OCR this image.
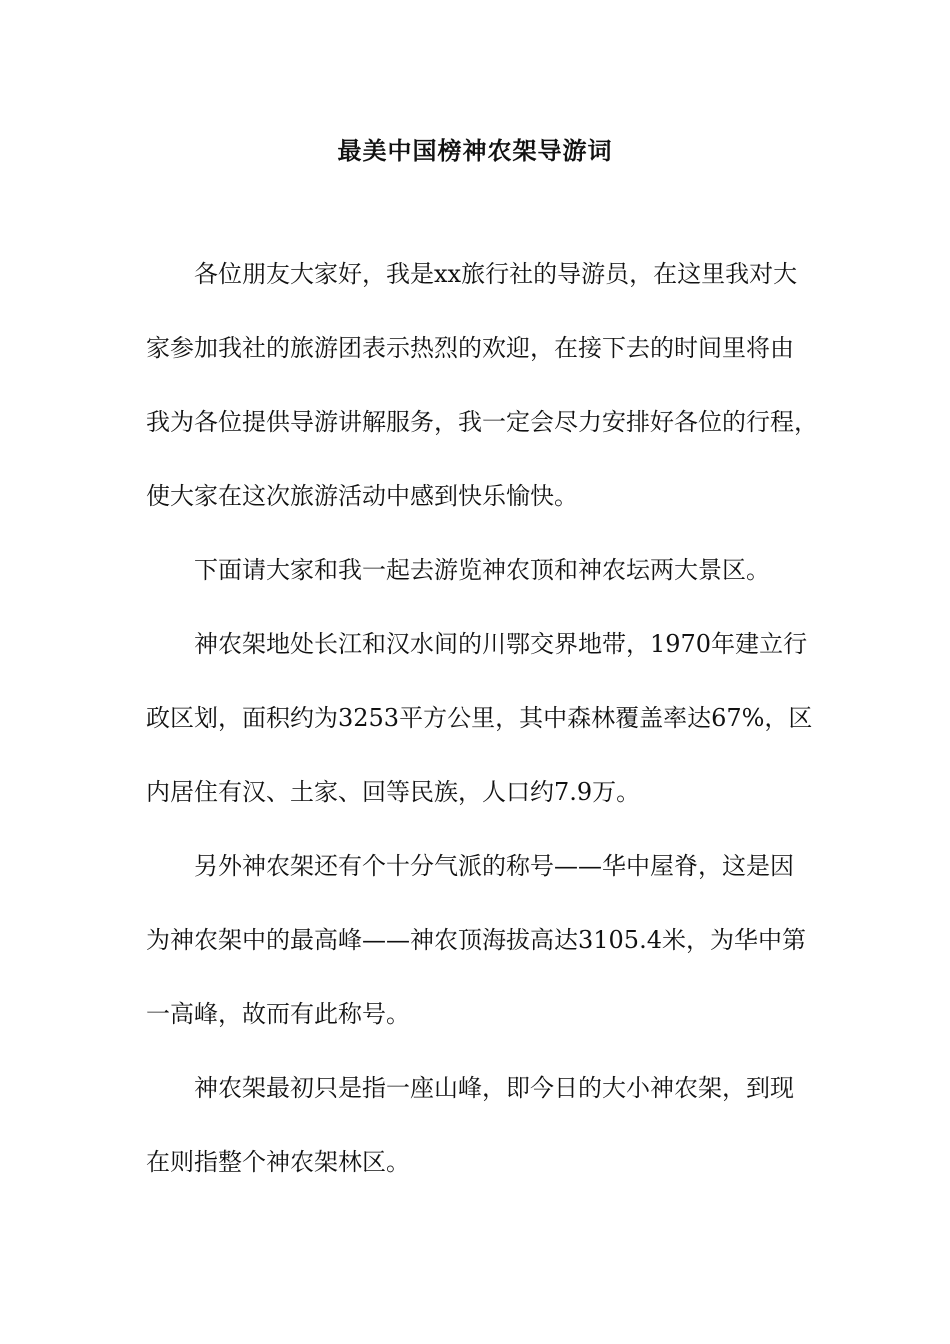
最美中国榜神农架导游词
各位朋友大家好，我是xx旅行社的导游员，在这里我对大
家参加我社的旅游团表示热烈的欢迎，在接下去的时间里将由
我为各位提供导游讲解服务，我一定会尽力安排好各位的行程，
使大家在这次旅游活动中感到快乐愉快。
下面请大家和我一起去游览神农顶和神农坛两大景区。
神农架地处长江和汉水间的川鄂交界地带，1970年建立行
政区划，面积约为3253平方公里，其中森林覆盖率达67%，区
内居住有汉、土家、回等民族，人口约7.9万。
另外神农架还有个十分气派的称号——华中屋脊，这是因
为神农架中的最高峰——神农顶海拔高达3105.4米，为华中第
一高峰，故而有此称号。
神农架最初只是指一座山峰，即今日的大小神农架，到现
在则指整个神农架林区。
